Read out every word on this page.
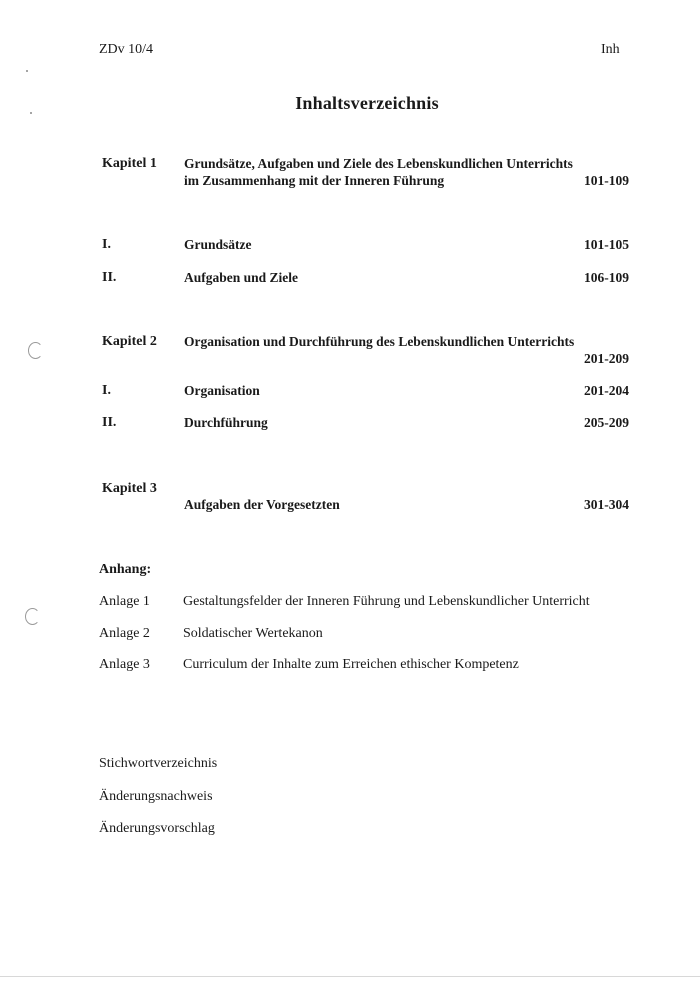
ZDv 10/4	Inh
Inhaltsverzeichnis
Kapitel 1 Grundsätze, Aufgaben und Ziele des Lebenskundlichen Unterrichts
im Zusammenhang mit der Inneren Führung	101-109
I.	Grundsätze	101-105
II.	Aufgaben und Ziele	106-109
Kapitel 2 Organisation und Durchführung des Lebenskundlichen Unterrichts
201-209
I.	Organisation	201-204
II.	Durchführung	205-209
Kapitel 3
Aufgaben der Vorgesetzten	301-304
Anhang:
Anlage 1 Gestaltungsfelder der Inneren Führung und Lebenskundlicher Unterricht
Anlage 2 Soldatischer Wertekanon
Anlage 3 Curriculum der Inhalte zum Erreichen ethischer Kompetenz
Stichwortverzeichnis
Änderungsnachweis
Änderungsvorschlag
